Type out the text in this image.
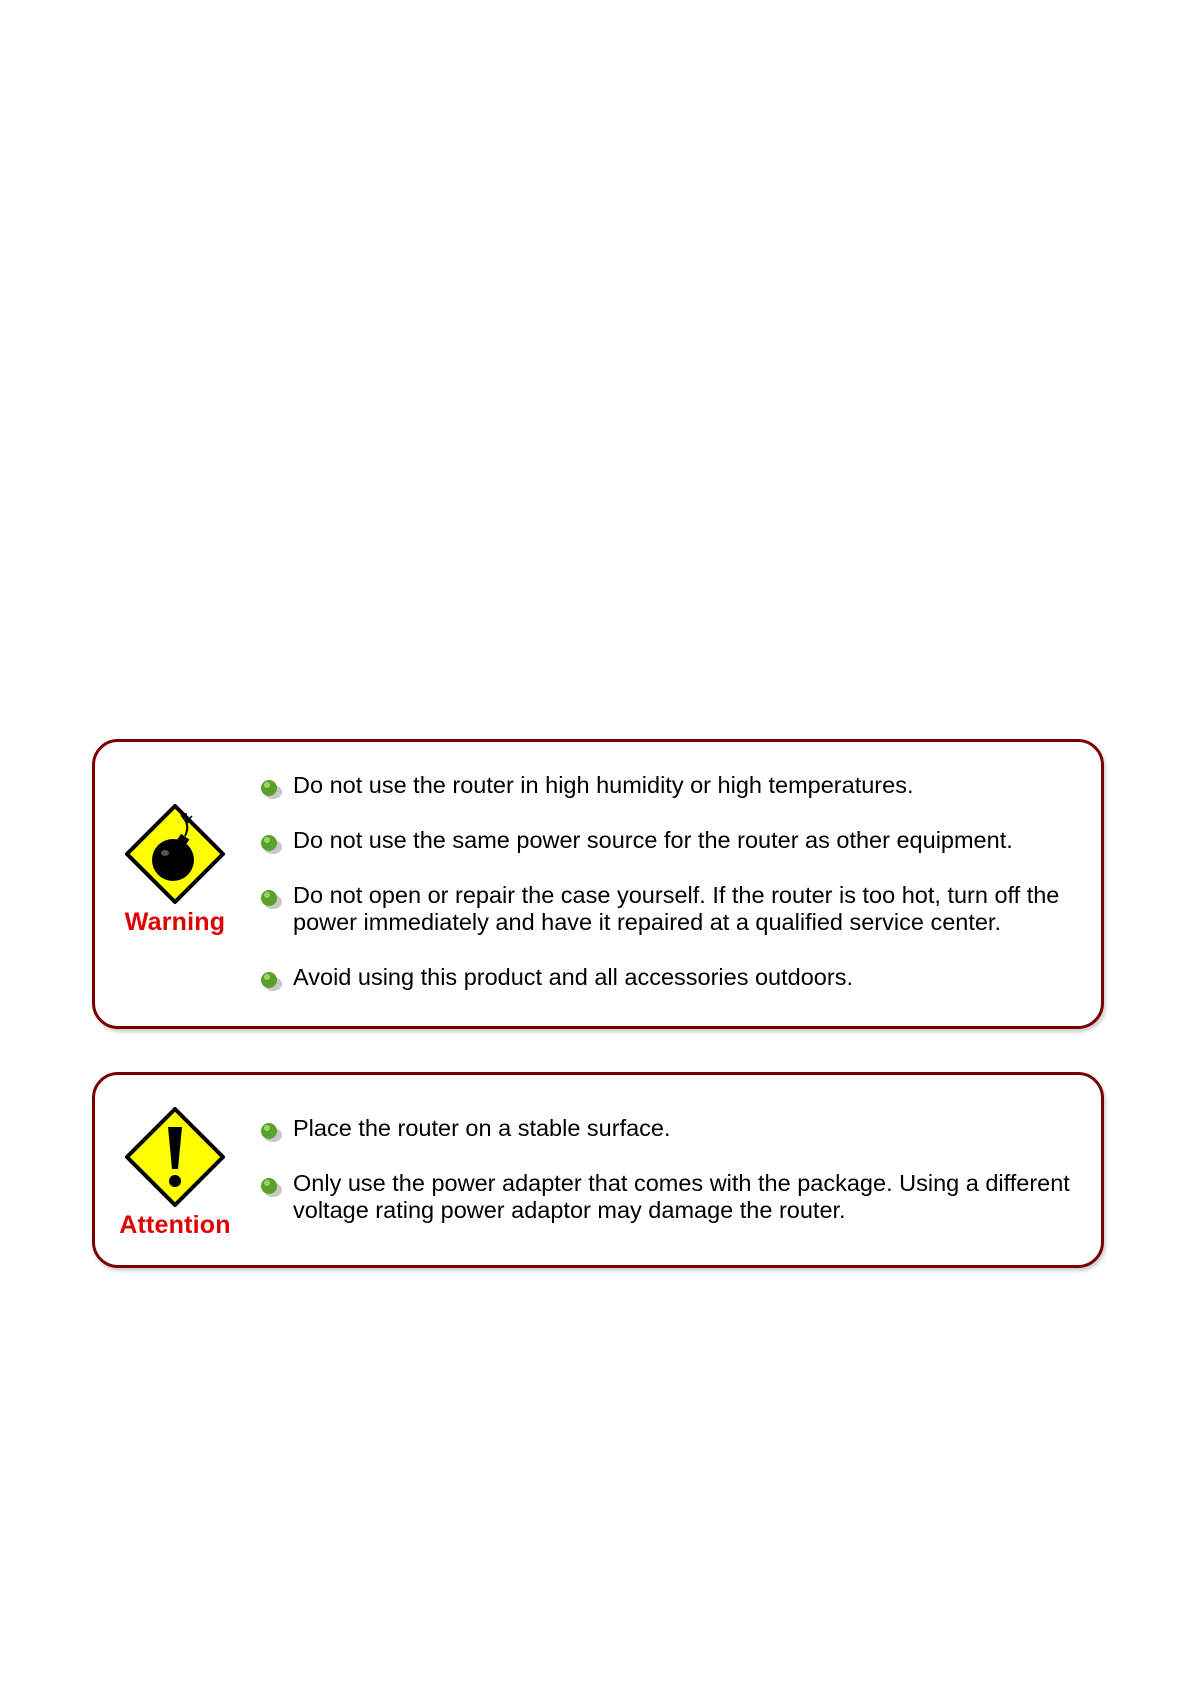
Warning
Do not use the router in high humidity or high temperatures.
Do not use the same power source for the router as other equipment.
Do not open or repair the case yourself. If the router is too hot, turn off the power immediately and have it repaired at a qualified service center.
Avoid using this product and all accessories outdoors.
Attention
Place the router on a stable surface.
Only use the power adapter that comes with the package. Using a different voltage rating power adaptor may damage the router.
